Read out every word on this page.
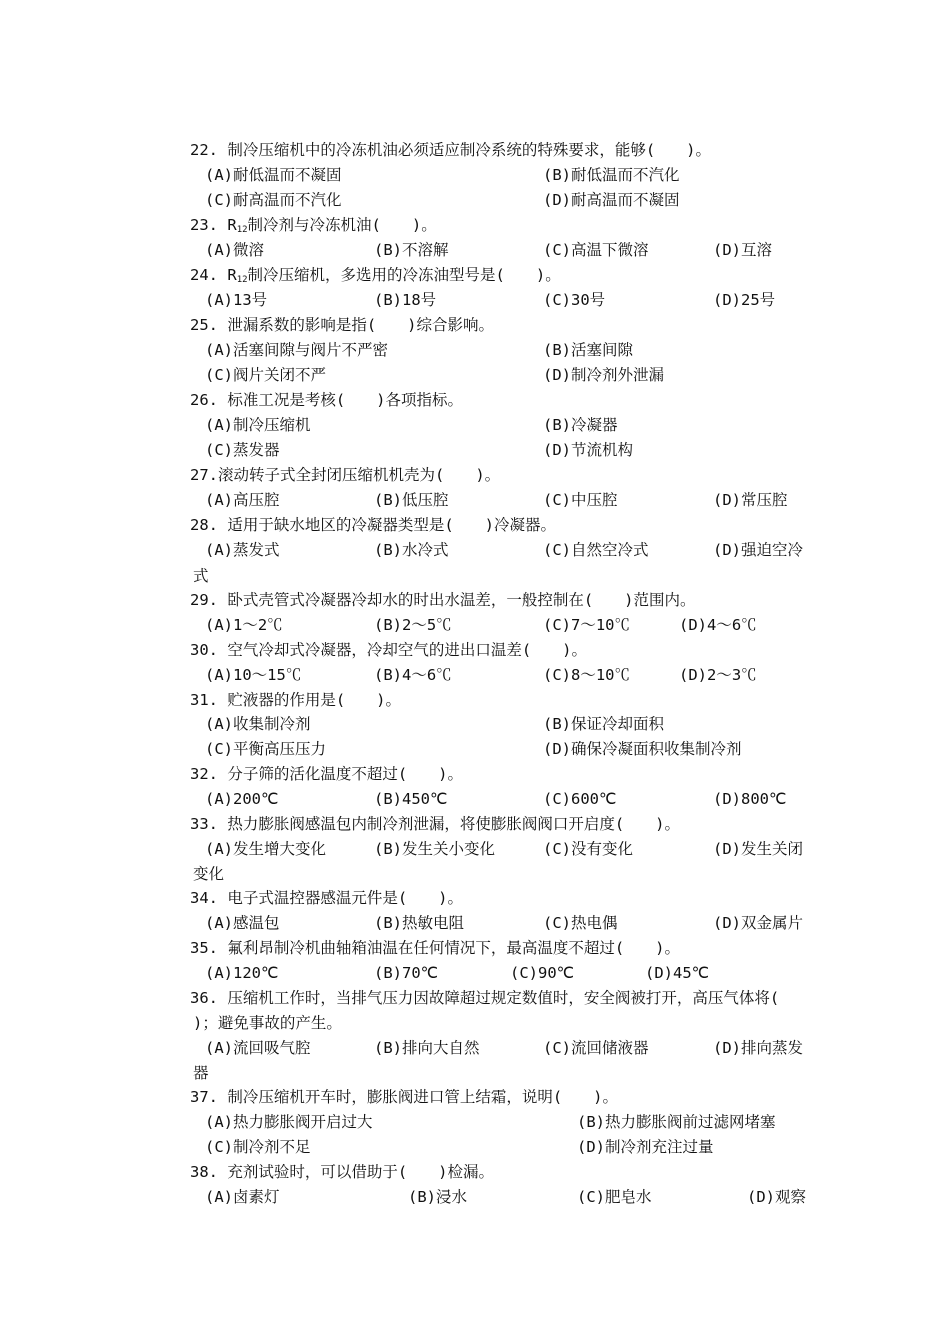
22. 制冷压缩机中的冷冻机油必须适应制冷系统的特殊要求，能够(　　)。
(A)耐低温而不凝固	(B)耐低温而不汽化
(C)耐高温而不汽化	(D)耐高温而不凝固
23. $R_{12}$制冷剂与冷冻机油(　　)。
(A)微溶	(B)不溶解	(C)高温下微溶	(D)互溶
24. $R_{12}$制冷压缩机，多选用的冷冻油型号是(　　)。
(A)13号	(B)18号	(C)30号	(D)25号
25. 泄漏系数的影响是指(　　)综合影响。
(A)活塞间隙与阀片不严密	(B)活塞间隙
(C)阀片关闭不严	(D)制冷剂外泄漏
26. 标准工况是考核(　　)各项指标。
(A)制冷压缩机	(B)冷凝器
(C)蒸发器	(D)节流机构
27.滚动转子式全封闭压缩机机壳为(　　)。
(A)高压腔	(B)低压腔	(C)中压腔	(D)常压腔
28. 适用于缺水地区的冷凝器类型是(　　)冷凝器。
(A)蒸发式	(B)水冷式	(C)自然空冷式	(D)强迫空冷
式
29. 卧式壳管式冷凝器冷却水的时出水温差，一般控制在(　　)范围内。
(A)1～2℃	(B)2～5℃	(C)7～10℃	(D)4～6℃
30. 空气冷却式冷凝器，冷却空气的进出口温差(　　)。
(A)10～15℃	(B)4～6℃	(C)8～10℃	(D)2～3℃
31. 贮液器的作用是(　　)。
(A)收集制冷剂	(B)保证冷却面积
(C)平衡高压压力	(D)确保冷凝面积收集制冷剂
32. 分子筛的活化温度不超过(　　)。
(A)200℃	(B)450℃	(C)600℃	(D)800℃
33. 热力膨胀阀感温包内制冷剂泄漏，将使膨胀阀阀口开启度(　　)。
(A)发生增大变化	(B)发生关小变化	(C)没有变化	(D)发生关闭
变化
34. 电子式温控器感温元件是(　　)。
(A)感温包	(B)热敏电阻	(C)热电偶	(D)双金属片
35. 氟利昂制冷机曲轴箱油温在任何情况下，最高温度不超过(　　)。
(A)120℃	(B)70℃	(C)90℃	(D)45℃
36. 压缩机工作时，当排气压力因故障超过规定数值时，安全阀被打开，高压气体将(
)；避免事故的产生。
(A)流回吸气腔	(B)排向大自然	(C)流回储液器	(D)排向蒸发
器
37. 制冷压缩机开车时，膨胀阀进口管上结霜，说明(　　)。
(A)热力膨胀阀开启过大	(B)热力膨胀阀前过滤网堵塞
(C)制冷剂不足	(D)制冷剂充注过量
38. 充剂试验时，可以借助于(　　)检漏。
(A)卤素灯	(B)浸水	(C)肥皂水	(D)观察
